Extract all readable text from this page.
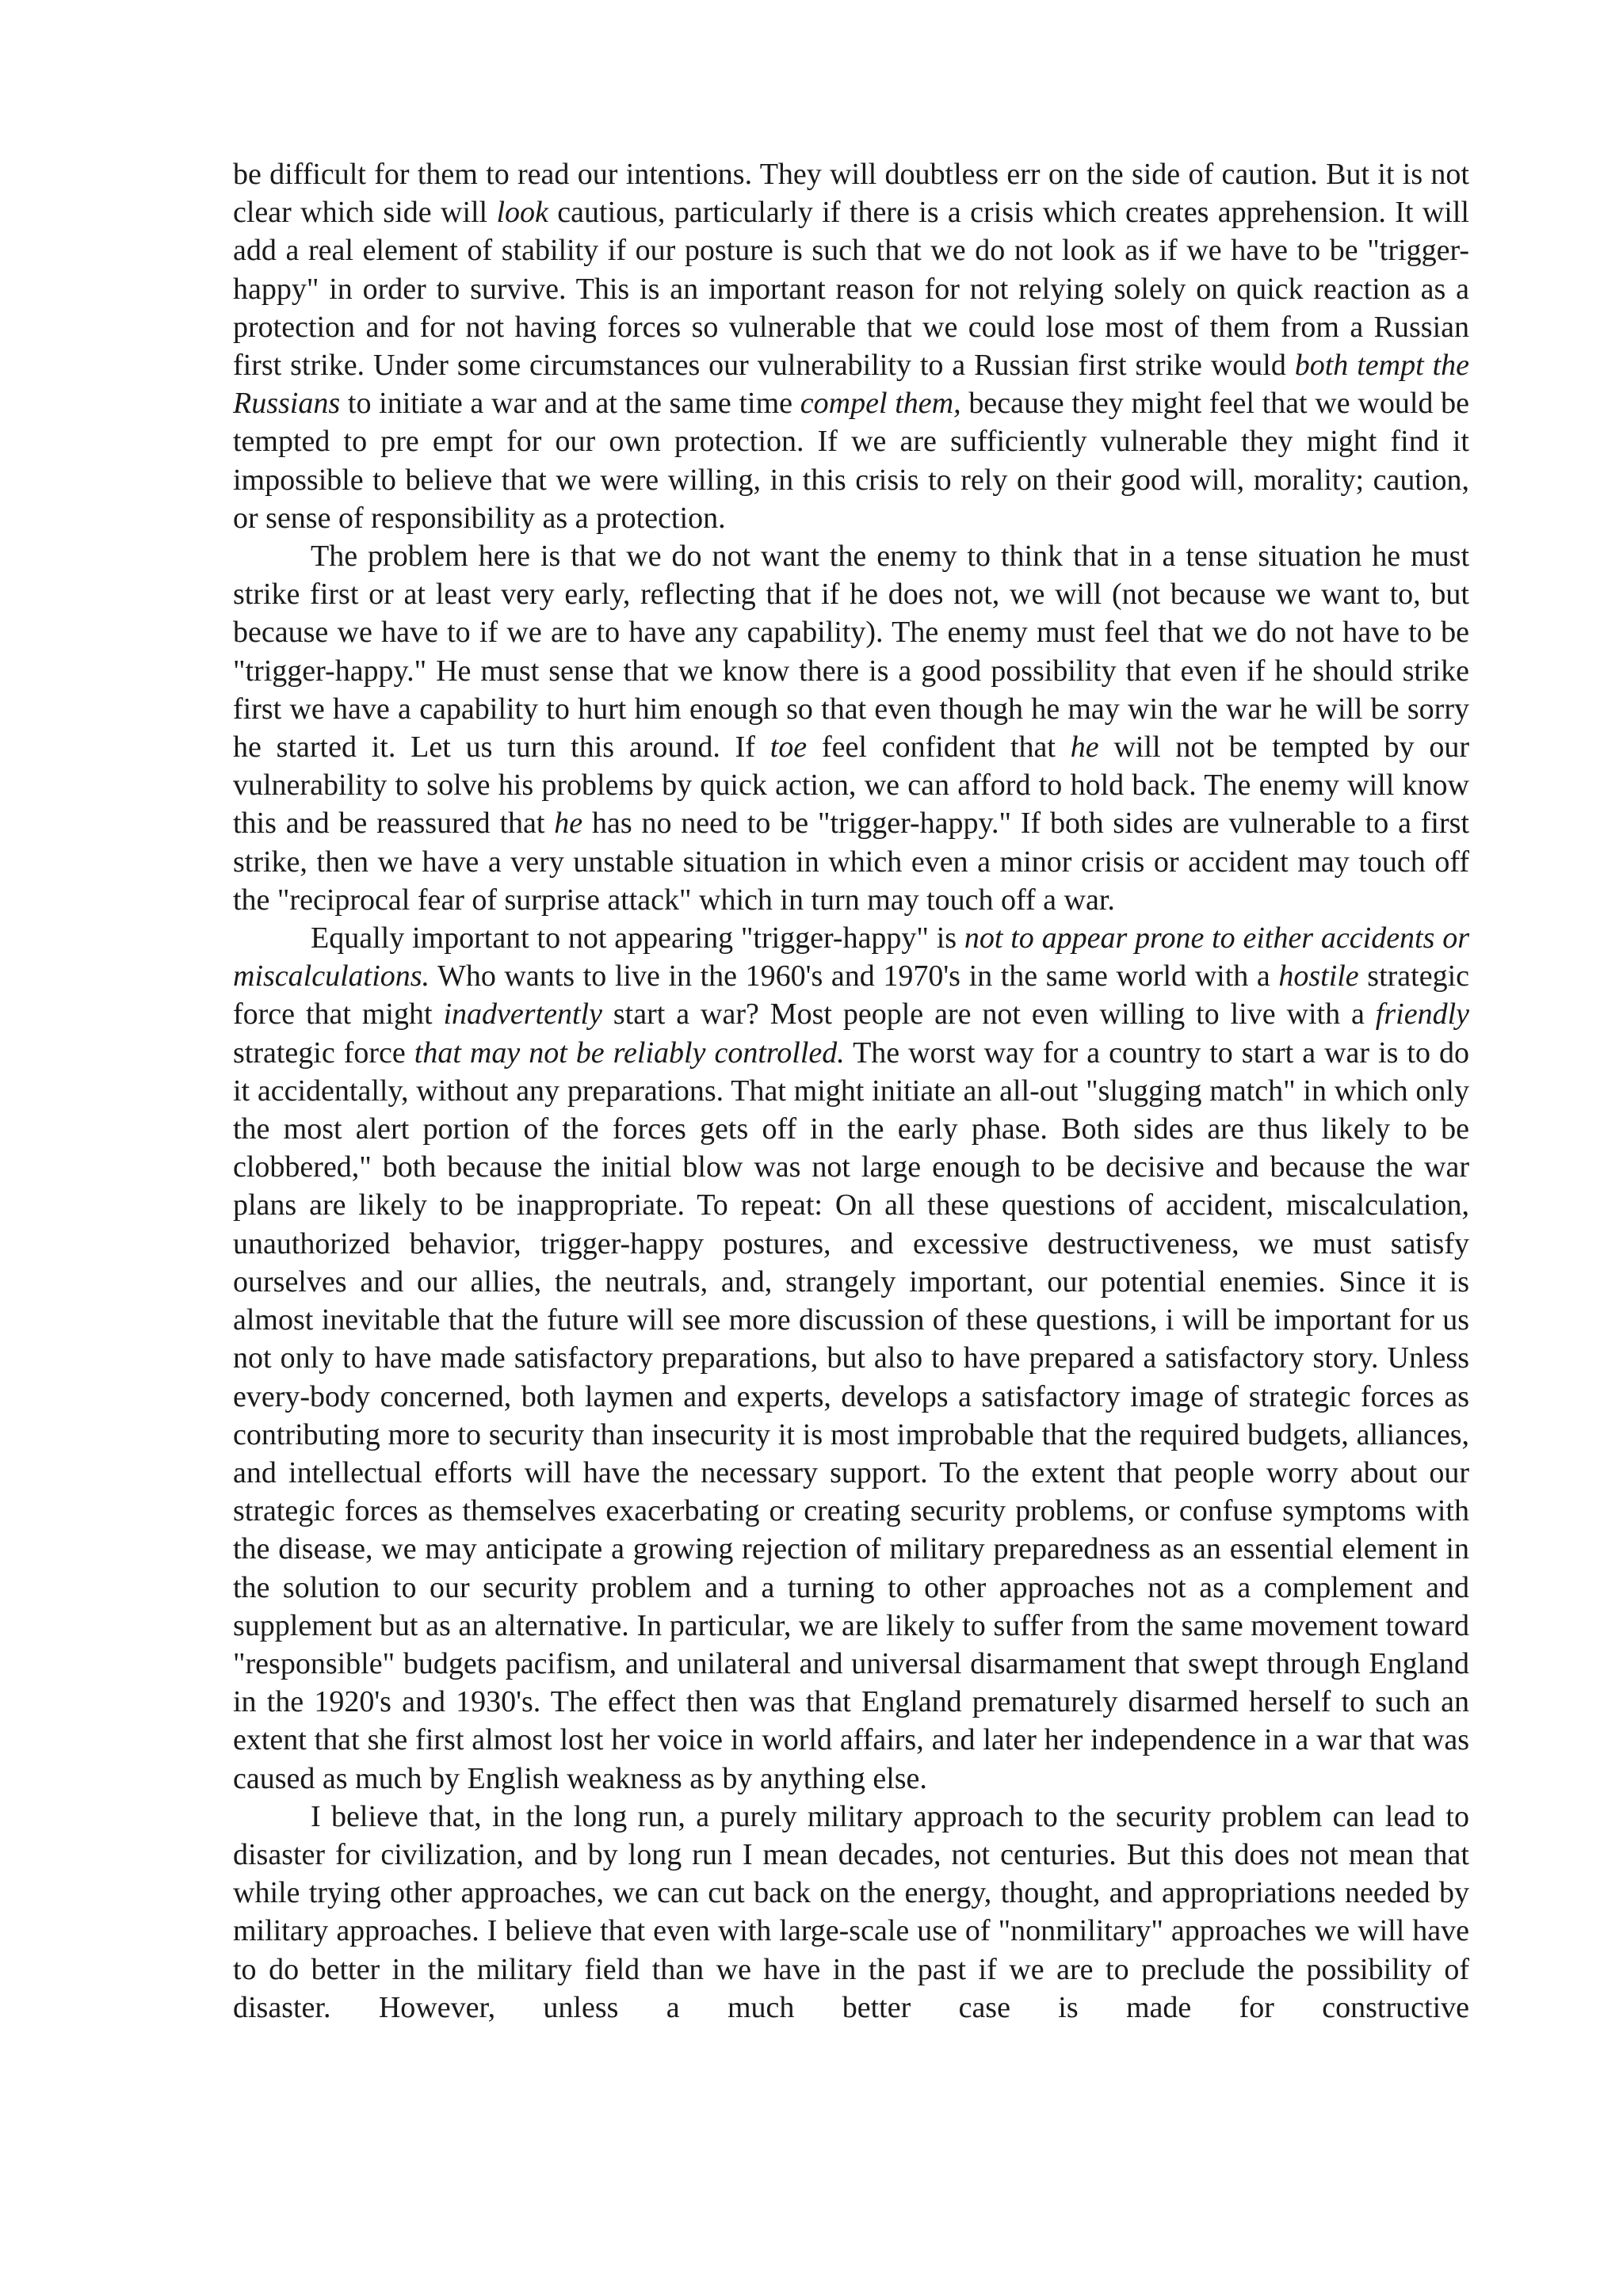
be difficult for them to read our intentions. They will doubtless err on the side of caution. But it is not clear which side will look cautious, particularly if there is a crisis which creates apprehension. It will add a real element of stability if our posture is such that we do not look as if we have to be "trigger-happy" in order to survive. This is an important reason for not relying solely on quick reaction as a protection and for not having forces so vulnerable that we could lose most of them from a Russian first strike. Under some circumstances our vulnerability to a Russian first strike would both tempt the Russians to initiate a war and at the same time compel them, because they might feel that we would be tempted to pre empt for our own protection. If we are sufficiently vulnerable they might find it impossible to believe that we were willing, in this crisis to rely on their good will, morality; caution, or sense of responsibility as a protection.

The problem here is that we do not want the enemy to think that in a tense situation he must strike first or at least very early, reflecting that if he does not, we will (not because we want to, but because we have to if we are to have any capability). The enemy must feel that we do not have to be "trigger-happy." He must sense that we know there is a good possibility that even if he should strike first we have a capability to hurt him enough so that even though he may win the war he will be sorry he started it. Let us turn this around. If toe feel confident that he will not be tempted by our vulnerability to solve his problems by quick action, we can afford to hold back. The enemy will know this and be reassured that he has no need to be "trigger-happy." If both sides are vulnerable to a first strike, then we have a very unstable situation in which even a minor crisis or accident may touch off the "reciprocal fear of surprise attack" which in turn may touch off a war.

Equally important to not appearing "trigger-happy" is not to appear prone to either accidents or miscalculations. Who wants to live in the 1960's and 1970's in the same world with a hostile strategic force that might inadvertently start a war? Most people are not even willing to live with a friendly strategic force that may not be reliably controlled. The worst way for a country to start a war is to do it accidentally, without any preparations. That might initiate an all-out "slugging match" in which only the most alert portion of the forces gets off in the early phase. Both sides are thus likely to be clobbered," both because the initial blow was not large enough to be decisive and because the war plans are likely to be inappropriate. To repeat: On all these questions of accident, miscalculation, unauthorized behavior, trigger-happy postures, and excessive destructiveness, we must satisfy ourselves and our allies, the neutrals, and, strangely important, our potential enemies. Since it is almost inevitable that the future will see more discussion of these questions, i will be important for us not only to have made satisfactory preparations, but also to have prepared a satisfactory story. Unless every-body concerned, both laymen and experts, develops a satisfactory image of strategic forces as contributing more to security than insecurity it is most improbable that the required budgets, alliances, and intellectual efforts will have the necessary support. To the extent that people worry about our strategic forces as themselves exacerbating or creating security problems, or confuse symptoms with the disease, we may anticipate a growing rejection of military preparedness as an essential element in the solution to our security problem and a turning to other approaches not as a complement and supplement but as an alternative. In particular, we are likely to suffer from the same movement toward "responsible" budgets pacifism, and unilateral and universal disarmament that swept through England in the 1920's and 1930's. The effect then was that England prematurely disarmed herself to such an extent that she first almost lost her voice in world affairs, and later her independence in a war that was caused as much by English weakness as by anything else.

I believe that, in the long run, a purely military approach to the security problem can lead to disaster for civilization, and by long run I mean decades, not centuries. But this does not mean that while trying other approaches, we can cut back on the energy, thought, and appropriations needed by military approaches. I believe that even with large-scale use of "nonmilitary" approaches we will have to do better in the military field than we have in the past if we are to preclude the possibility of disaster. However, unless a much better case is made for constructive
